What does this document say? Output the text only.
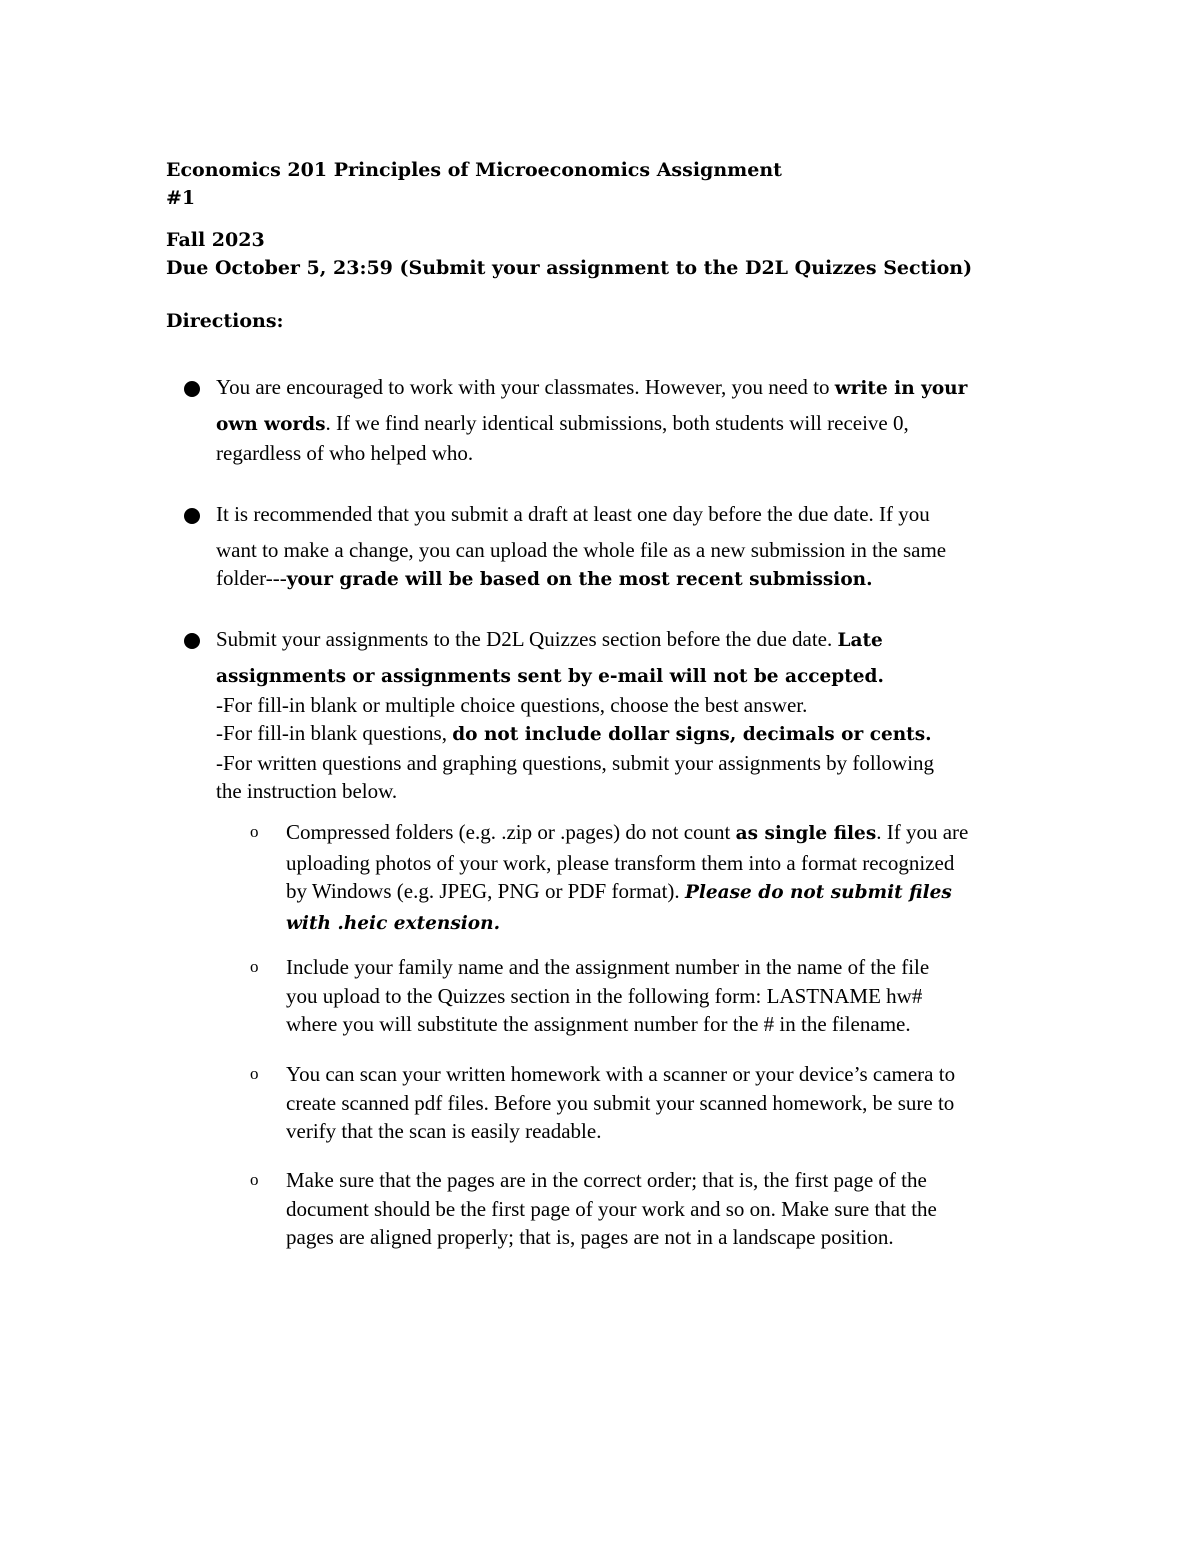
Economics 201 Principles of Microeconomics Assignment
#1
Fall 2023
Due October 5, 23:59 (Submit your assignment to the D2L Quizzes Section)
Directions:
You are encouraged to work with your classmates. However, you need to write in your
own words. If we find nearly identical submissions, both students will receive 0,
regardless of who helped who.
It is recommended that you submit a draft at least one day before the due date. If you
want to make a change, you can upload the whole file as a new submission in the same
folder---your grade will be based on the most recent submission.
Submit your assignments to the D2L Quizzes section before the due date. Late
assignments or assignments sent by e-mail will not be accepted.
-For fill-in blank or multiple choice questions, choose the best answer.
-For fill-in blank questions, do not include dollar signs, decimals or cents.
-For written questions and graphing questions, submit your assignments by following
the instruction below.
o	Compressed folders (e.g. .zip or .pages) do not count as single files. If you are
uploading photos of your work, please transform them into a format recognized
by Windows (e.g. JPEG, PNG or PDF format). Please do not submit files
with .heic extension.
o	Include your family name and the assignment number in the name of the file
you upload to the Quizzes section in the following form: LASTNAME hw#
where you will substitute the assignment number for the # in the filename.
o	You can scan your written homework with a scanner or your device’s camera to
create scanned pdf files. Before you submit your scanned homework, be sure to
verify that the scan is easily readable.
o	Make sure that the pages are in the correct order; that is, the first page of the
document should be the first page of your work and so on. Make sure that the
pages are aligned properly; that is, pages are not in a landscape position.
